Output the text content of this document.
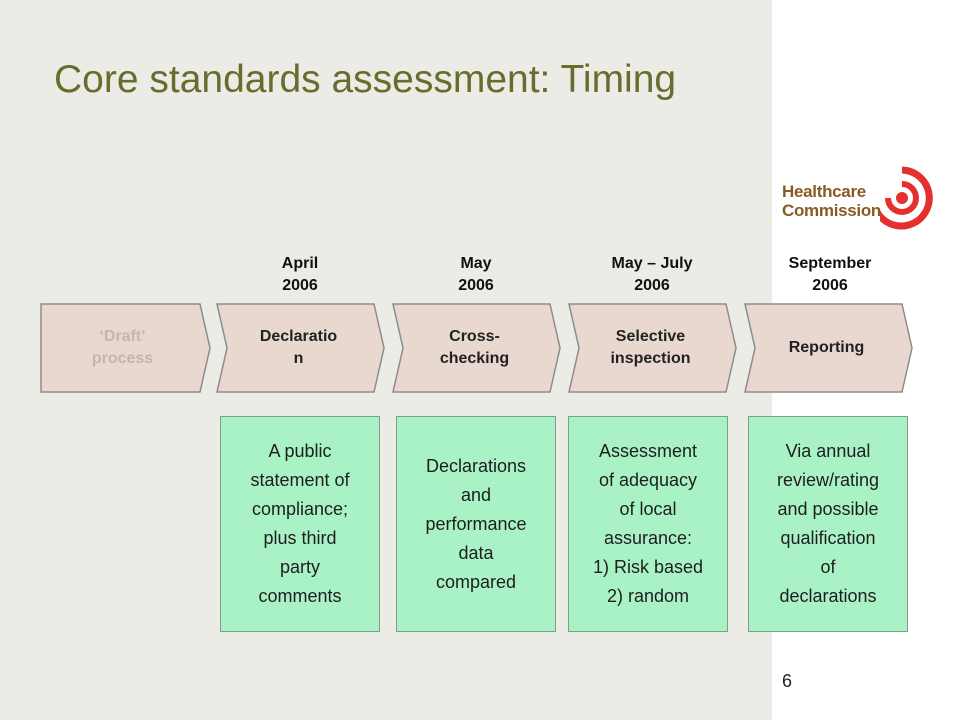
Core standards assessment: Timing
Healthcare
Commission
April
2006
May
2006
May – July
2006
September
2006
‘Draft’
process
Declaratio
n
Cross-
checking
Selective
inspection
Reporting
A public
statement of
compliance;
plus third
party
comments
Declarations
and
performance
data
compared
Assessment
of adequacy
of local
assurance:
1) Risk based
2) random
Via annual
review/rating
and possible
qualification
of
declarations
6
